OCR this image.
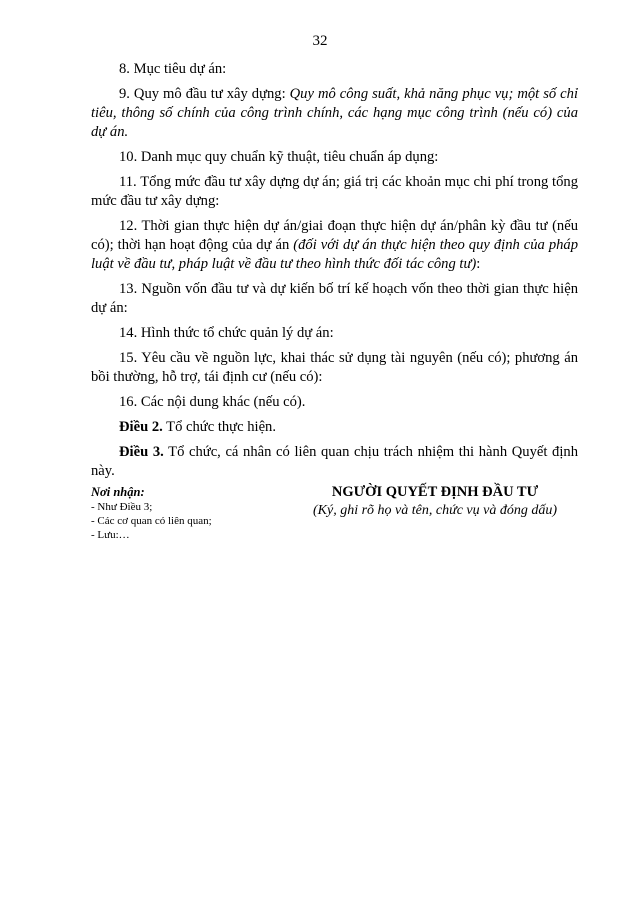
32

8. Mục tiêu dự án:

9. Quy mô đầu tư xây dựng: Quy mô công suất, khả năng phục vụ; một số chỉ tiêu, thông số chính của công trình chính, các hạng mục công trình (nếu có) của dự án.

10. Danh mục quy chuẩn kỹ thuật, tiêu chuẩn áp dụng:

11. Tổng mức đầu tư xây dựng dự án; giá trị các khoản mục chi phí trong tổng mức đầu tư xây dựng:

12. Thời gian thực hiện dự án/giai đoạn thực hiện dự án/phân kỳ đầu tư (nếu có); thời hạn hoạt động của dự án (đối với dự án thực hiện theo quy định của pháp luật về đầu tư, pháp luật về đầu tư theo hình thức đối tác công tư):

13. Nguồn vốn đầu tư và dự kiến bố trí kế hoạch vốn theo thời gian thực hiện dự án:

14. Hình thức tổ chức quản lý dự án:

15. Yêu cầu về nguồn lực, khai thác sử dụng tài nguyên (nếu có); phương án bồi thường, hỗ trợ, tái định cư (nếu có):

16. Các nội dung khác (nếu có).

Điều 2. Tổ chức thực hiện.

Điều 3. Tổ chức, cá nhân có liên quan chịu trách nhiệm thi hành Quyết định này.

Nơi nhận:
- Như Điều 3;
- Các cơ quan có liên quan;
- Lưu:…
NGƯỜI QUYẾT ĐỊNH ĐẦU TƯ
(Ký, ghi rõ họ và tên, chức vụ và đóng dấu)
